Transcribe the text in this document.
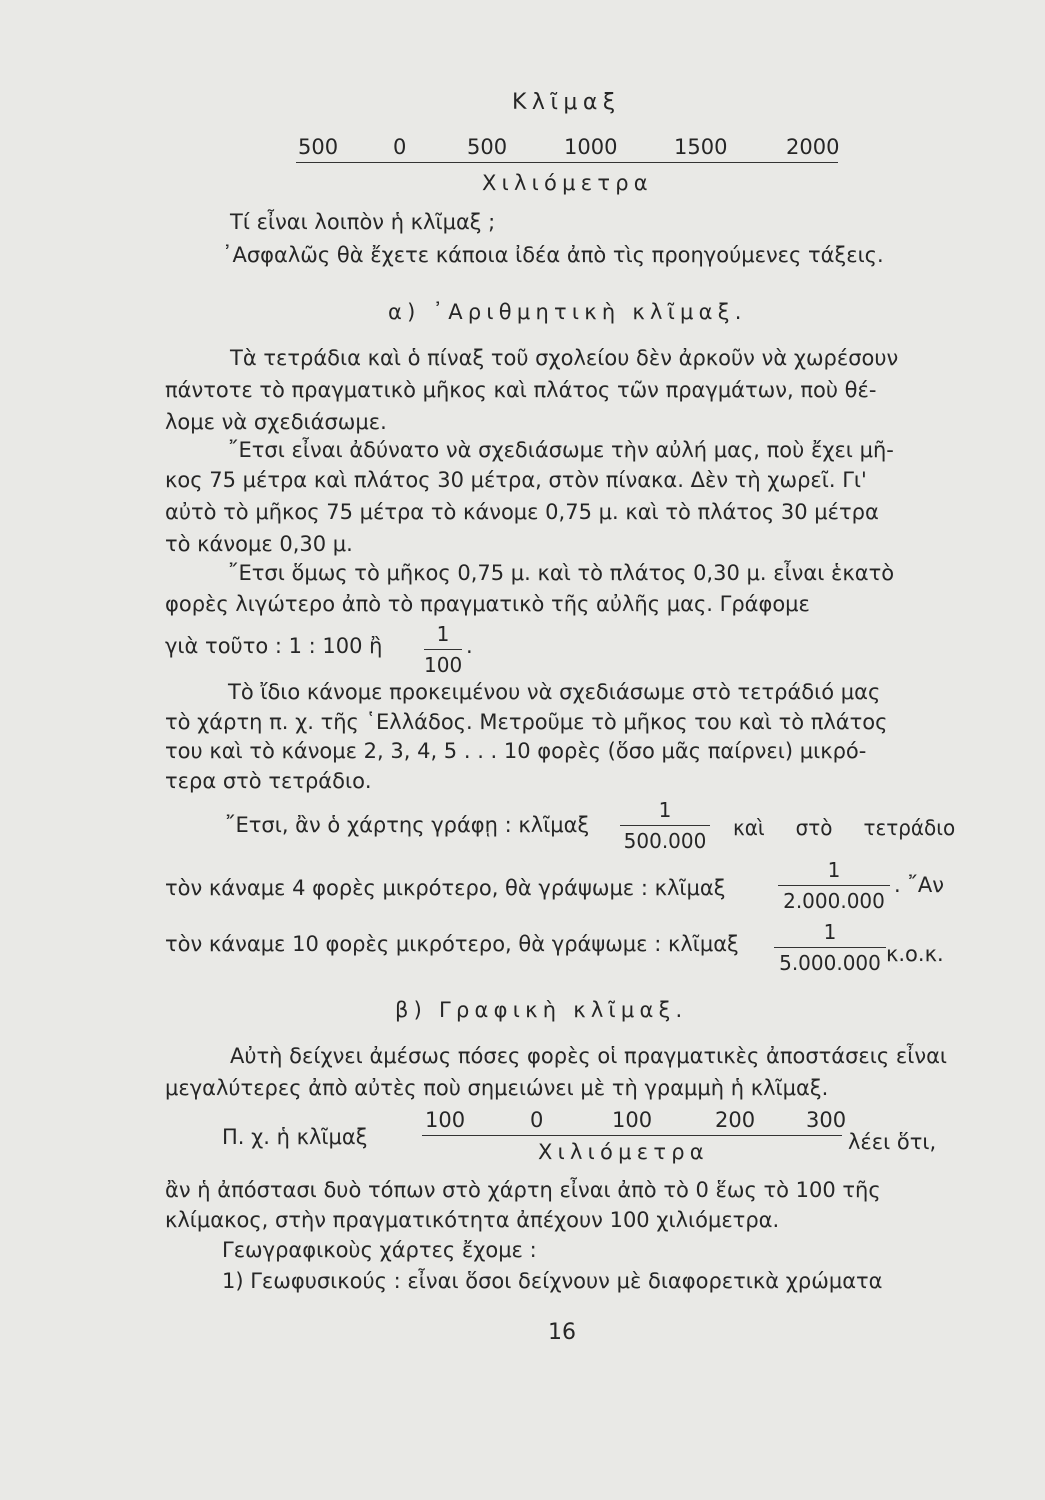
Κλῖμαξ
500	0	500	1000	1500	2000
Χιλιόμετρα
Τί εἶναι λοιπὸν ἡ κλῖμαξ ;
᾿Ασφαλῶς θὰ ἔχετε κάποια ἰδέα ἀπὸ τὶς προηγούμενες τάξεις.
α) ᾿Αριθμητικὴ κλῖμαξ.
Τὰ τετράδια καὶ ὁ πίναξ τοῦ σχολείου δὲν ἀρκοῦν νὰ χωρέσουν
πάντοτε τὸ πραγματικὸ μῆκος καὶ πλάτος τῶν πραγμάτων, ποὺ θέ-
λομε νὰ σχεδιάσωμε.
῎Ετσι εἶναι ἀδύνατο νὰ σχεδιάσωμε τὴν αὐλή μας, ποὺ ἔχει μῆ-
κος 75 μέτρα καὶ πλάτος 30 μέτρα, στὸν πίνακα. Δὲν τὴ χωρεῖ. Γι'
αὐτὸ τὸ μῆκος 75 μέτρα τὸ κάνομε 0,75 μ. καὶ τὸ πλάτος 30 μέτρα
τὸ κάνομε 0,30 μ.
῎Ετσι ὅμως τὸ μῆκος 0,75 μ. καὶ τὸ πλάτος 0,30 μ. εἶναι ἑκατὸ
φορὲς λιγώτερο ἀπὸ τὸ πραγματικὸ τῆς αὐλῆς μας. Γράφομε
γιὰ τοῦτο : 1 : 100 ἢ	1
100
.
Τὸ ἴδιο κάνομε προκειμένου νὰ σχεδιάσωμε στὸ τετράδιό μας
τὸ χάρτη π. χ. τῆς ῾Ελλάδος. Μετροῦμε τὸ μῆκος του καὶ τὸ πλάτος
του καὶ τὸ κάνομε 2, 3, 4, 5 . . . 10 φορὲς (ὅσο μᾶς παίρνει) μικρό-
τερα στὸ τετράδιο.
῎Ετσι, ἂν ὁ χάρτης γράφῃ : κλῖμαξ
1
500.000
καὶ στὸ τετράδιο
τὸν κάναμε 4 φορὲς μικρότερο, θὰ γράψωμε : κλῖμαξ
1
2.000.000
. ῎Αν
τὸν κάναμε 10 φορὲς μικρότερο, θὰ γράψωμε : κλῖμαξ	1
5.000.000 κ.ο.κ.
β) Γραφικὴ κλῖμαξ.
Αὐτὴ δείχνει ἀμέσως πόσες φορὲς οἱ πραγματικὲς ἀποστάσεις εἶναι
μεγαλύτερες ἀπὸ αὐτὲς ποὺ σημειώνει μὲ τὴ γραμμὴ ἡ κλῖμαξ.
Π. χ. ἡ κλῖμαξ
100	0	100	200 300
Χιλιόμετρα	λέει ὅτι,
ἂν ἡ ἀπόστασι δυὸ τόπων στὸ χάρτη εἶναι ἀπὸ τὸ 0 ἕως τὸ 100 τῆς
κλίμακος, στὴν πραγματικότητα ἀπέχουν 100 χιλιόμετρα.
Γεωγραφικοὺς χάρτες ἔχομε :
1) Γεωφυσικούς : εἶναι ὅσοι δείχνουν μὲ διαφορετικὰ χρώματα
16
